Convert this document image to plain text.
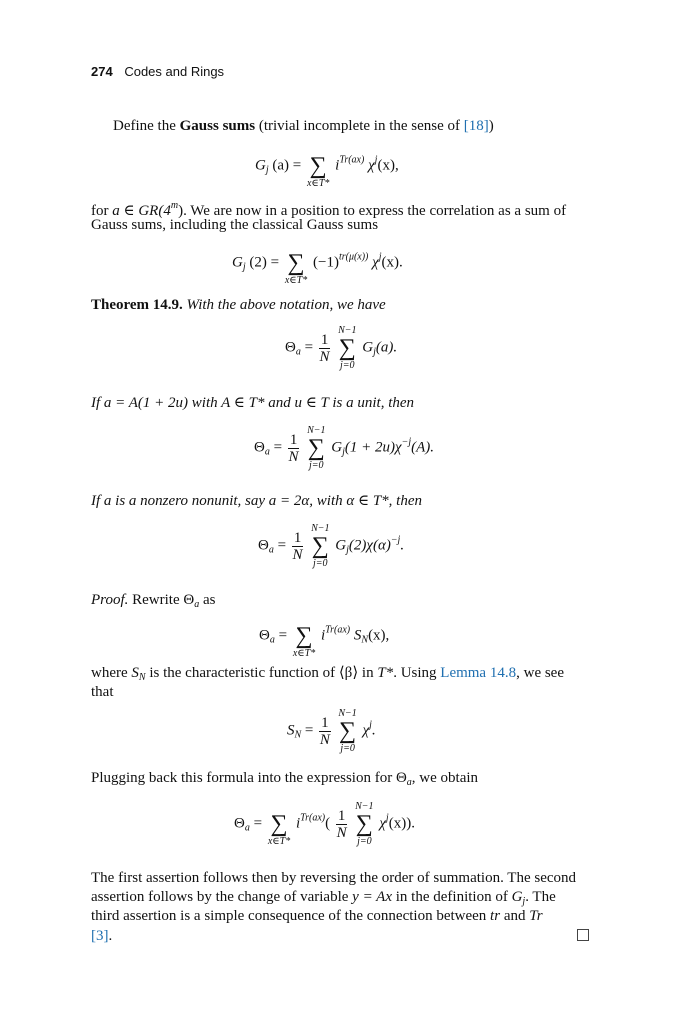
274 Codes and Rings
Define the Gauss sums (trivial incomplete in the sense of [18])
$G_j$ (a) =
∑
x∈T*
$i^{Tr(ax)}$ $\chi^j(x)$,
for a ∈ GR(4$^m$). We are now in a position to express the correlation as a sum of
Gauss sums, including the classical Gauss sums
$G_j$ (2) =
∑
x∈T*
$(-1)^{tr(\mu(x))}$ $\chi^j(x)$.
Theorem 14.9. With the above notation, we have
$\Theta_a = \frac{1}{N}$

N−1
∑
j=0
$G_j(a)$.
If a = A(1 + 2u) with A ∈ T* and u ∈ T is a unit, then
$\Theta_a = \frac{1}{N}$

N−1
∑
j=0
$G_j(1 + 2u)\chi^{-j}(A)$.
If a is a nonzero nonunit, say a = 2α, with α ∈ T*, then
$\Theta_a = \frac{1}{N}$

N−1
∑
j=0
$G_j(2)\chi(\alpha)^{-j}$.
Proof. Rewrite $\Theta_a$ as
$\Theta_a$ =
∑
x∈T*
$i^{Tr(ax)}$ $S_N(x)$,
where $S_N$ is the characteristic function of ⟨β⟩ in T*. Using Lemma 14.8, we see
that
$S_N = \frac{1}{N}$

N−1
∑
j=0
$\chi^j$.
Plugging back this formula into the expression for $\Theta_a$, we obtain
$\Theta_a$ =
∑
x∈T*
$i^{Tr(ax)}( \frac{1}{N}$

N−1
∑
j=0
$\chi^j(x)$).
The first assertion follows then by reversing the order of summation. The second
assertion follows by the change of variable y = Ax in the definition of $G_j$. The
third assertion is a simple consequence of the connection between tr and Tr
[3].
